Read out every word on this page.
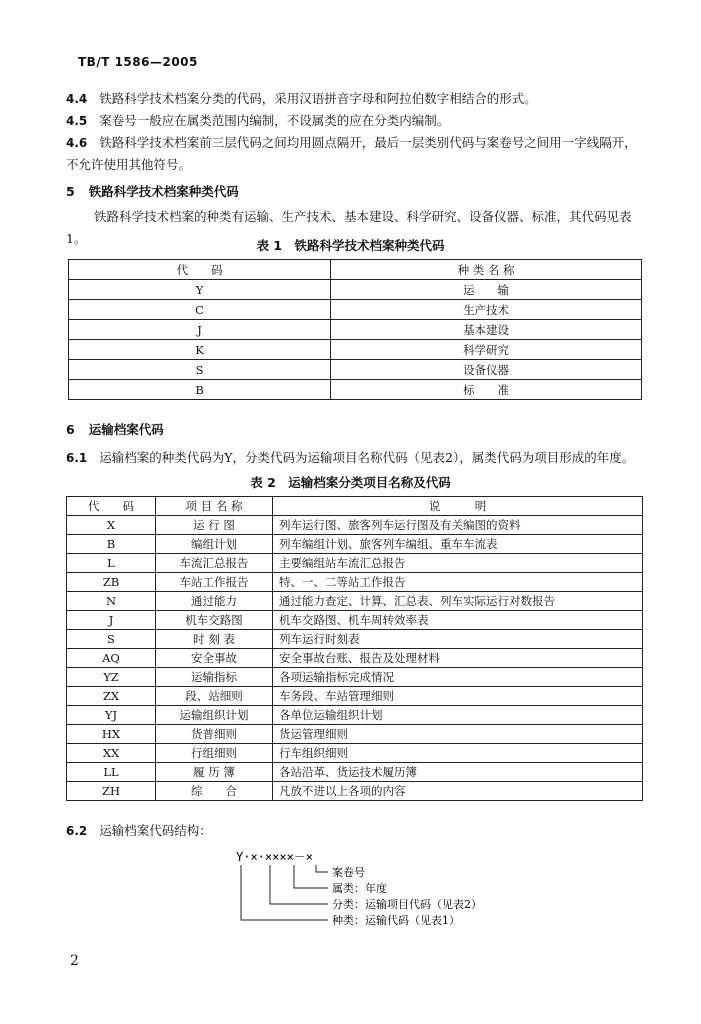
TB/T 1586—2005

4.4 铁路科学技术档案分类的代码，采用汉语拼音字母和阿拉伯数字相结合的形式。

4.5 案卷号一般应在属类范围内编制，不设属类的应在分类内编制。

4.6 铁路科学技术档案前三层代码之间均用圆点隔开，最后一层类别代码与案卷号之间用一字线隔开，不允许使用其他符号。

5 铁路科学技术档案种类代码

铁路科学技术档案的种类有运输、生产技术、基本建设、科学研究、设备仪器、标准，其代码见表1。	表 1　铁路科学技术档案种类代码
代　　码	种 类 名 称
Y	运　　输
C	生产技术
J	基本建设
K	科学研究
S	设备仪器
B	标　　准
6 运输档案代码

6.1 运输档案的种类代码为Y，分类代码为运输项目名称代码（见表2），属类代码为项目形成的年度。

表 2　运输档案分类项目名称及代码
代　　码	项 目 名 称	说　　　明
X	运 行 图	列车运行图、旅客列车运行图及有关编图的资料
B	编组计划	列车编组计划、旅客列车编组、重车车流表
L	车流汇总报告	主要编组站车流汇总报告
ZB	车站工作报告	特、一、二等站工作报告
N	通过能力	通过能力查定、计算、汇总表、列车实际运行对数报告
J	机车交路图	机车交路图、机车周转效率表
S	时 刻 表	列车运行时刻表
AQ	安全事故	安全事故台账、报告及处理材料
YZ	运输指标	各项运输指标完成情况
ZX	段、站细则	车务段、车站管理细则
YJ	运输组织计划	各单位运输组织计划
HX	货普细则	货运管理细则
XX	行组细则	行车组织细则
LL	履 历 簿	各站沿革、货运技术履历簿
ZH	综　　合	凡放不进以上各项的内容

6.2 运输档案代码结构：

Y·×·××××－×
案卷号
属类：年度
分类：运输项目代码（见表2）
种类：运输代码（见表1）
2
